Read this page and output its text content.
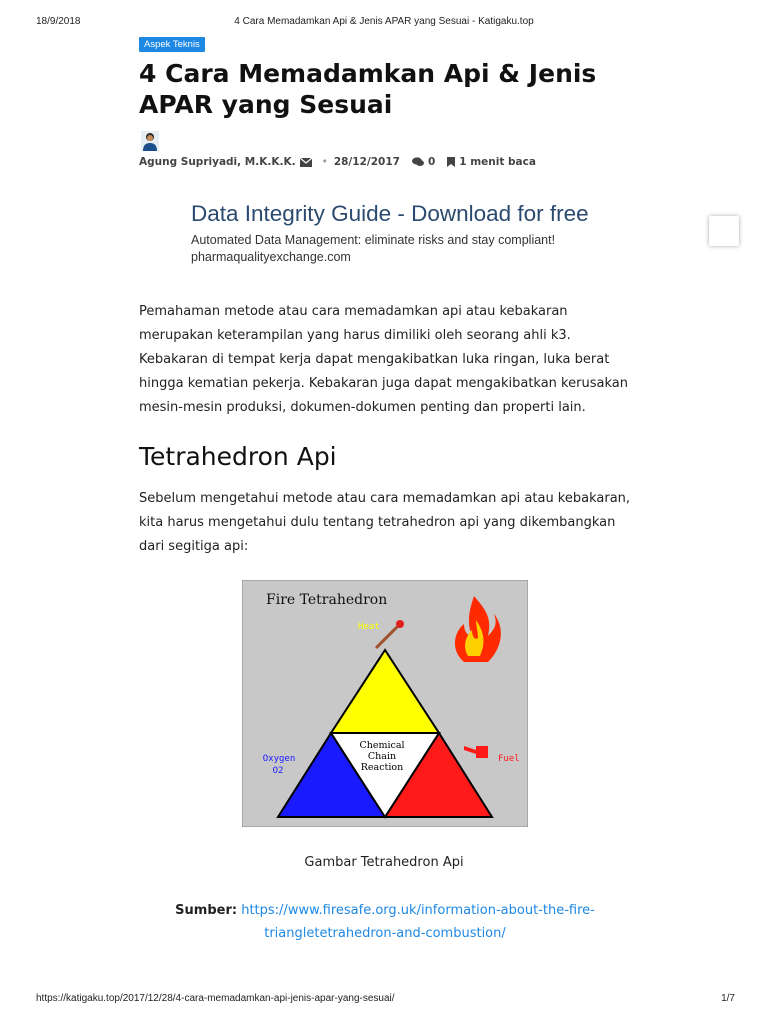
18/9/2018	4 Cara Memadamkan Api & Jenis APAR yang Sesuai - Katigaku.top
Aspek Teknis
4 Cara Memadamkan Api & Jenis APAR yang Sesuai
Agung Supriyadi, M.K.K.K. • 28/12/2017	0 1 menit baca
Data Integrity Guide - Download for free
Automated Data Management: eliminate risks and stay compliant!
pharmaqualityexchange.com

Pemahaman metode atau cara memadamkan api atau kebakaran merupakan keterampilan yang harus dimiliki oleh seorang ahli k3. Kebakaran di tempat kerja dapat mengakibatkan luka ringan, luka berat hingga kematian pekerja. Kebakaran juga dapat mengakibatkan kerusakan mesin-mesin produksi, dokumen-dokumen penting dan properti lain.

Tetrahedron Api

Sebelum mengetahui metode atau cara memadamkan api atau kebakaran, kita harus mengetahui dulu tentang tetrahedron api yang dikembangkan dari segitiga api:

Fire Tetrahedron
Heat
Chemical
Chain
Reaction
Oxygen
O2
Fuel
Gambar Tetrahedron Api
Sumber: https://www.firesafe.org.uk/information-about-the-fire-triangletetrahedron-and-combustion/
https://katigaku.top/2017/12/28/4-cara-memadamkan-api-jenis-apar-yang-sesuai/	1/7
